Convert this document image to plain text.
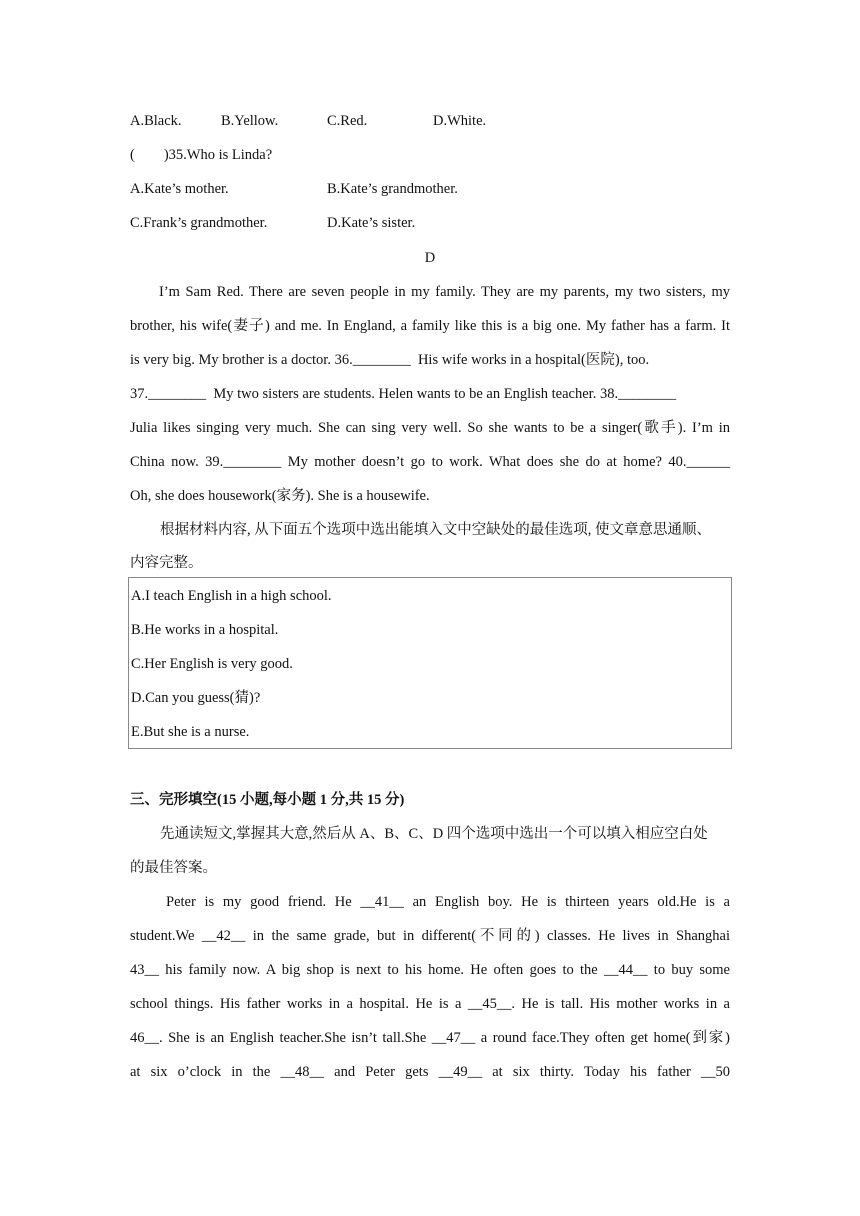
A.Black.	B.Yellow.	C.Red.	D.White.
(        )35.Who is Linda?
A.Kate’s mother.	B.Kate’s grandmother.
C.Frank’s grandmother.	D.Kate’s sister.
D
I’m Sam Red. There are seven people in my family. They are my parents, my two sisters, my
brother, his wife(妻子) and me. In England, a family like this is a big one. My father has a farm. It
is very big. My brother is a doctor. 36.________  His wife works in a hospital(医院), too.
37.________  My two sisters are students. Helen wants to be an English teacher. 38.________
Julia likes singing very much. She can sing very well. So she wants to be a singer(歌手). I’m in
China now. 39.________ My mother doesn’t go to work. What does she do at home? 40.______
Oh, she does housework(家务). She is a housewife.
根据材料内容, 从下面五个选项中选出能填入文中空缺处的最佳选项, 使文章意思通顺、
内容完整。
A.I teach English in a high school.
B.He works in a hospital.
C.Her English is very good.
D.Can you guess(猜)?
E.But she is a nurse.
三、完形填空(15 小题,每小题 1 分,共 15 分)
先通读短文,掌握其大意,然后从 A、B、C、D 四个选项中选出一个可以填入相应空白处
的最佳答案。
Peter is my good friend. He __41__ an English boy. He is thirteen years old.He is a
student.We __42__ in the same grade, but in different(不同的) classes. He lives in Shanghai
43__ his family now. A big shop is next to his home. He often goes to the __44__ to buy some
school things. His father works in a hospital. He is a __45__. He is tall. His mother works in a
46__. She is an English teacher.She isn’t tall.She __47__ a round face.They often get home(到家)
at six o’clock in the __48__ and Peter gets __49__ at six thirty. Today his father __50
